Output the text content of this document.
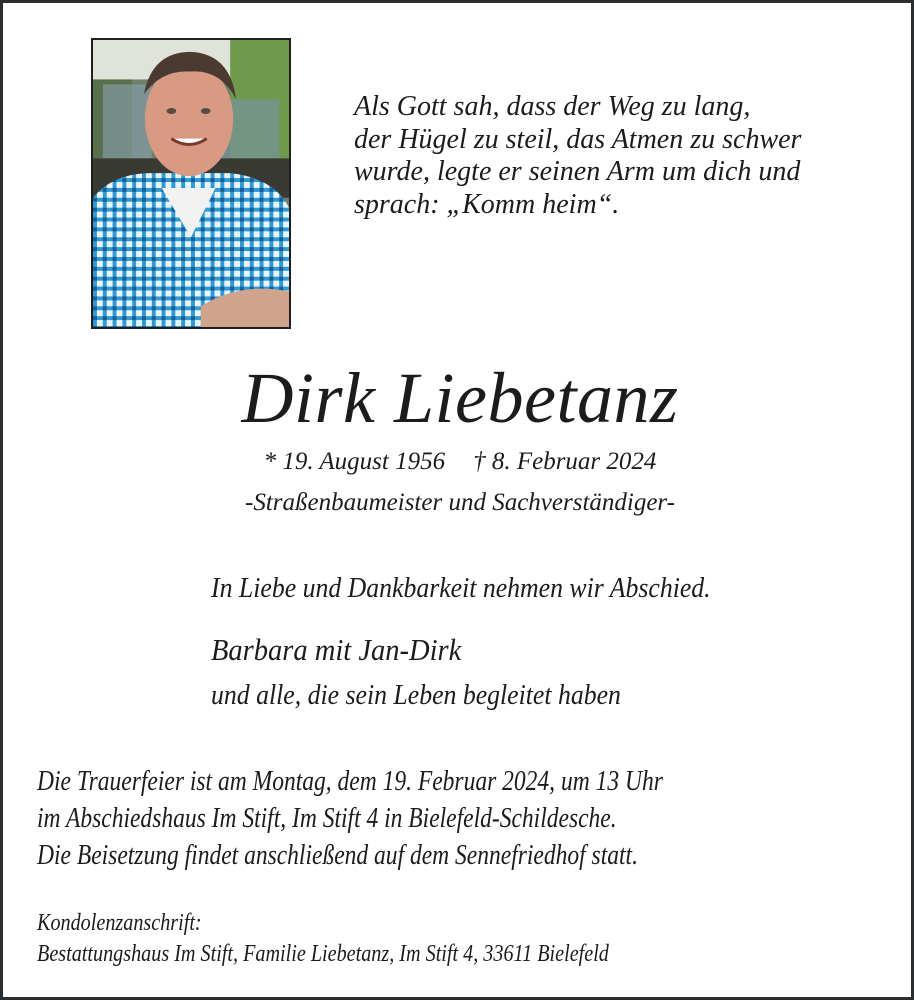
Als Gott sah, dass der Weg zu lang,
der Hügel zu steil, das Atmen zu schwer
wurde, legte er seinen Arm um dich und
sprach: „Komm heim“.
Dirk Liebetanz
* 19. August 1956 † 8. Februar 2024
-Straßenbaumeister und Sachverständiger-
In Liebe und Dankbarkeit nehmen wir Abschied.
Barbara mit Jan-Dirk
und alle, die sein Leben begleitet haben
Die Trauerfeier ist am Montag, dem 19. Februar 2024, um 13 Uhr
im Abschiedshaus Im Stift, Im Stift 4 in Bielefeld-Schildesche.
Die Beisetzung findet anschließend auf dem Sennefriedhof statt.
Kondolenzanschrift:
Bestattungshaus Im Stift, Familie Liebetanz, Im Stift 4, 33611 Bielefeld
